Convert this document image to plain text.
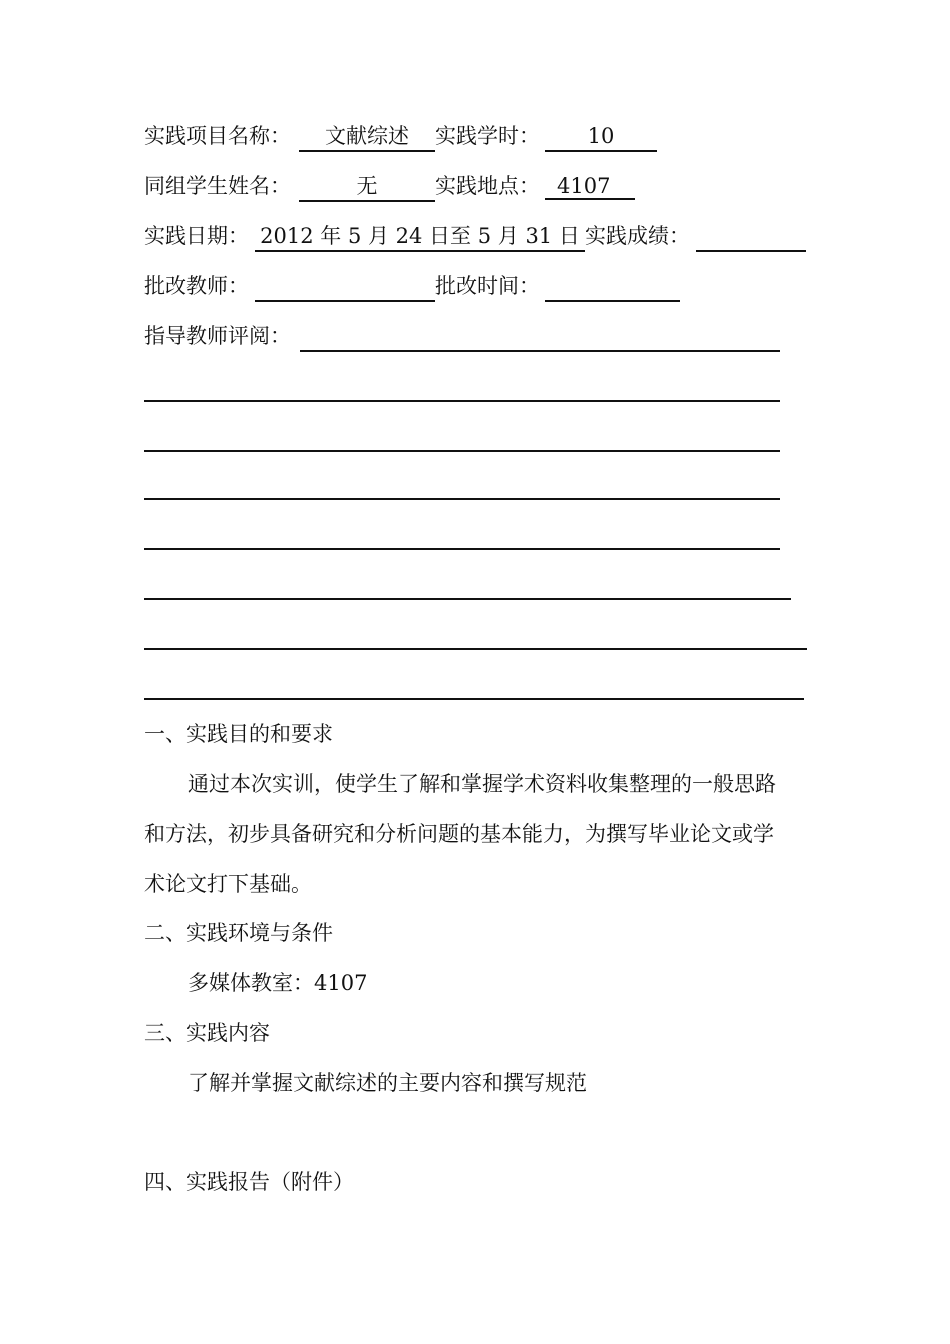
实践项目名称：	文献综述	实践学时：	10
同组学生姓名：	无	实践地点： 4107
实践日期： 2012 年 5 月 24 日至 5 月 31 日 实践成绩：
批改教师：	批改时间：
指导教师评阅：
一、实践目的和要求
通过本次实训，使学生了解和掌握学术资料收集整理的一般思路
和方法，初步具备研究和分析问题的基本能力，为撰写毕业论文或学
术论文打下基础。
二、实践环境与条件
多媒体教室：4107
三、实践内容
了解并掌握文献综述的主要内容和撰写规范
四、实践报告（附件）
